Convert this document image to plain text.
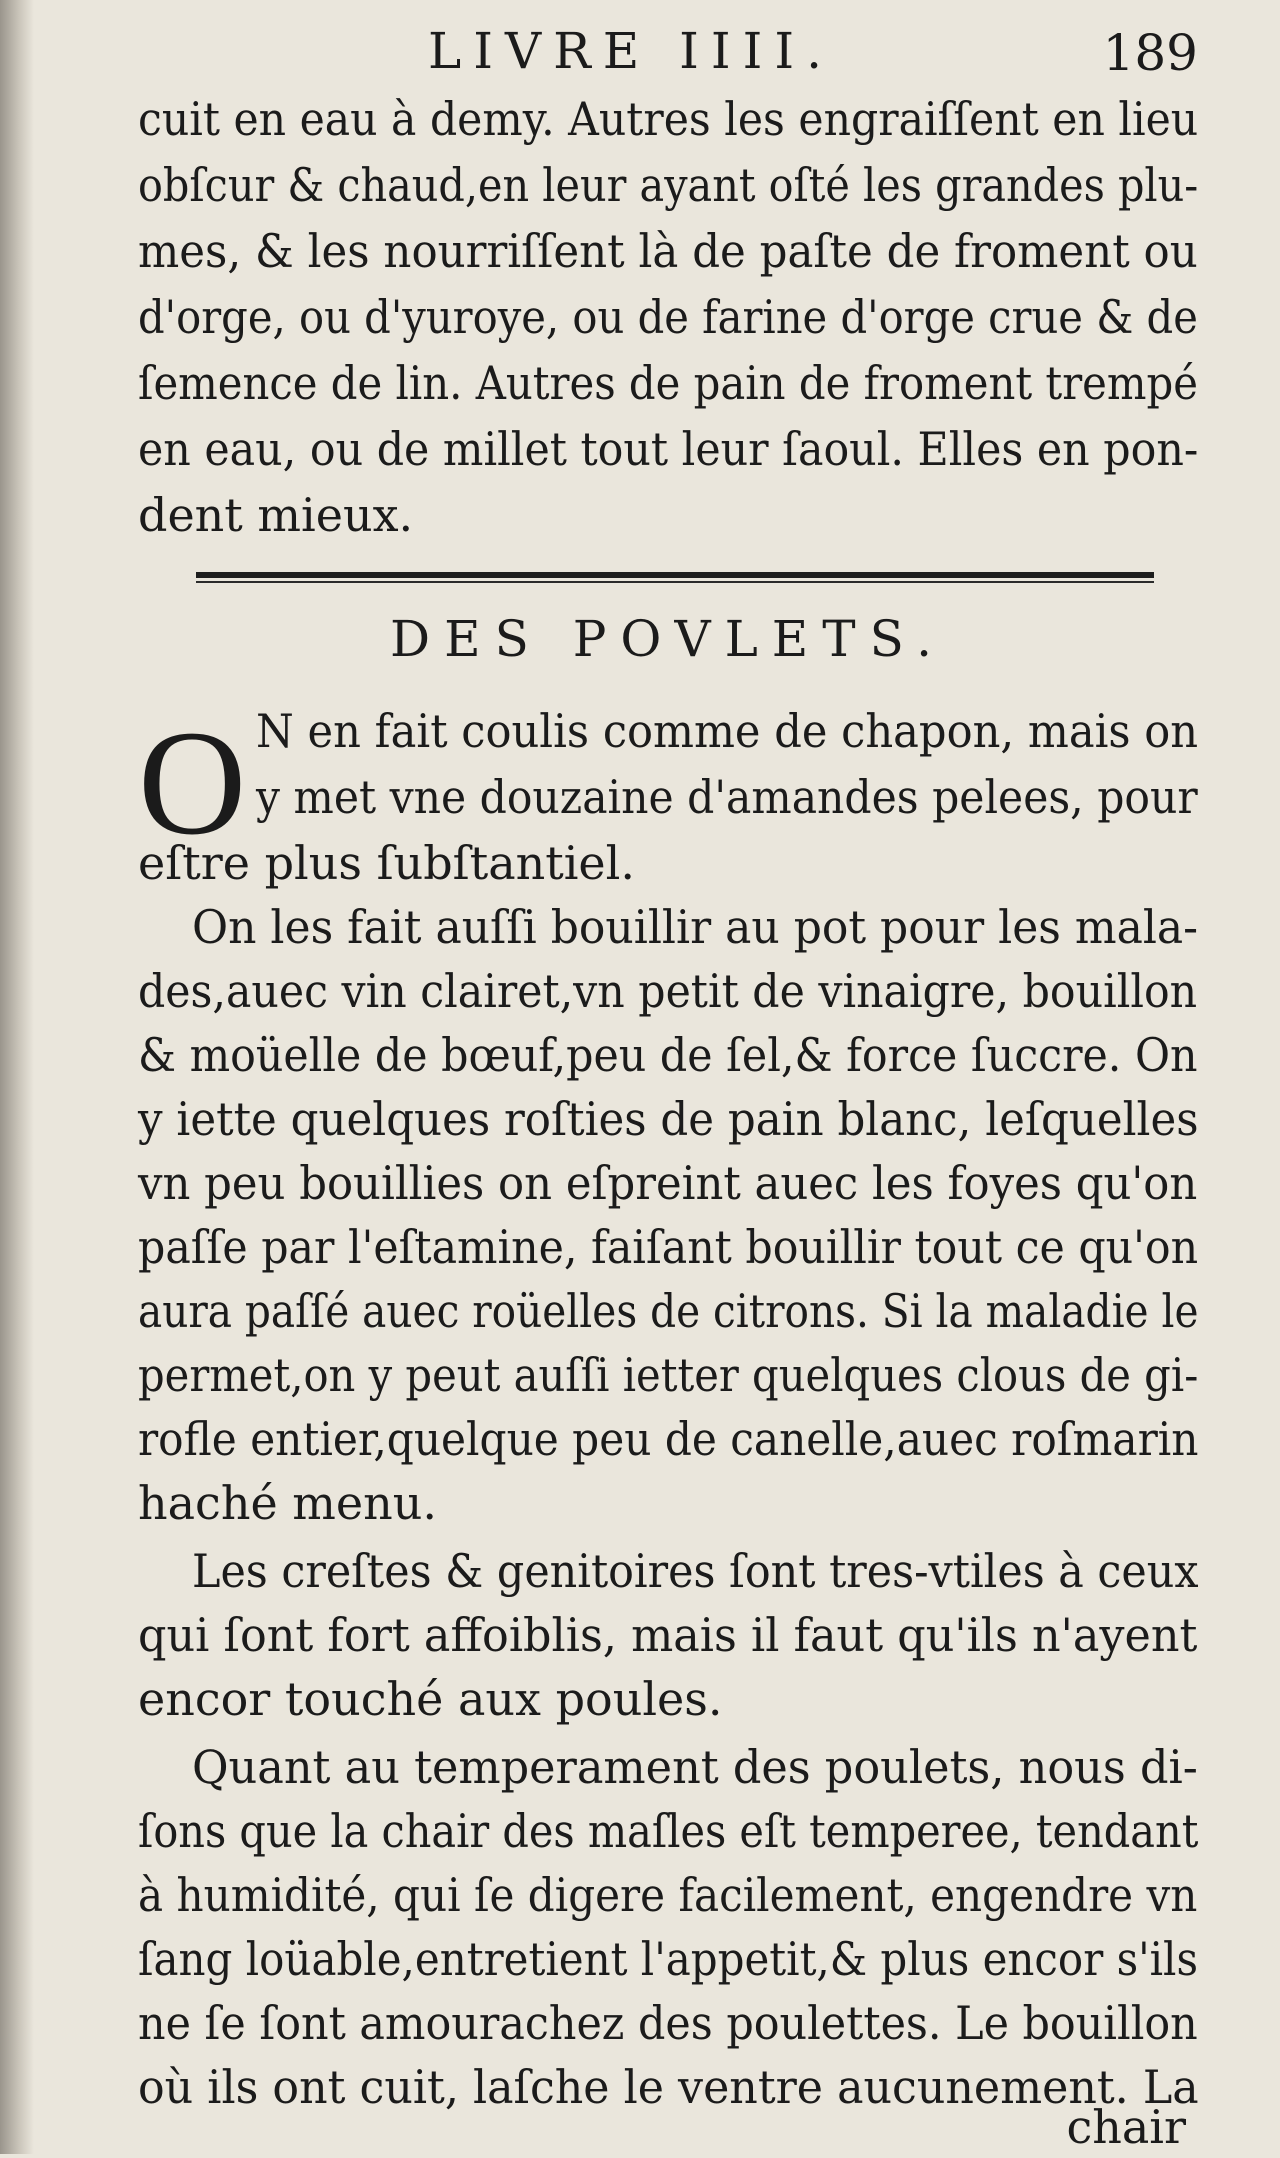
LIVRE IIII.	189
cuit en eau à demy. Autres les engraiſſent en lieu
obſcur & chaud,en leur ayant oſté les grandes plu-
mes, & les nourriſſent là de paſte de froment ou
d'orge, ou d'yuroye, ou de farine d'orge crue & de
ſemence de lin. Autres de pain de froment trempé
en eau, ou de millet tout leur ſaoul. Elles en pon-
dent mieux.
DES POVLETS.
O N en fait coulis comme de chapon, mais on
y met vne douzaine d'amandes pelees, pour
eſtre plus ſubſtantiel.
On les fait auſſi bouillir au pot pour les mala-
des,auec vin clairet,vn petit de vinaigre, bouillon
& moüelle de bœuf,peu de ſel,& force ſuccre. On
y iette quelques roſties de pain blanc, leſquelles
vn peu bouillies on eſpreint auec les foyes qu'on
paſſe par l'eſtamine, faiſant bouillir tout ce qu'on
aura paſſé auec roüelles de citrons. Si la maladie le
permet,on y peut auſſi ietter quelques clous de gi-
rofle entier,quelque peu de canelle,auec roſmarin
haché menu.
Les creſtes & genitoires ſont tres-vtiles à ceux
qui ſont fort affoiblis, mais il faut qu'ils n'ayent
encor touché aux poules.
Quant au temperament des poulets, nous di-
ſons que la chair des maſles eſt temperee, tendant
à humidité, qui ſe digere facilement, engendre vn
ſang loüable,entretient l'appetit,& plus encor s'ils
ne ſe ſont amourachez des poulettes. Le bouillon
où ils ont cuit, laſche le ventre aucunement. La
chair
